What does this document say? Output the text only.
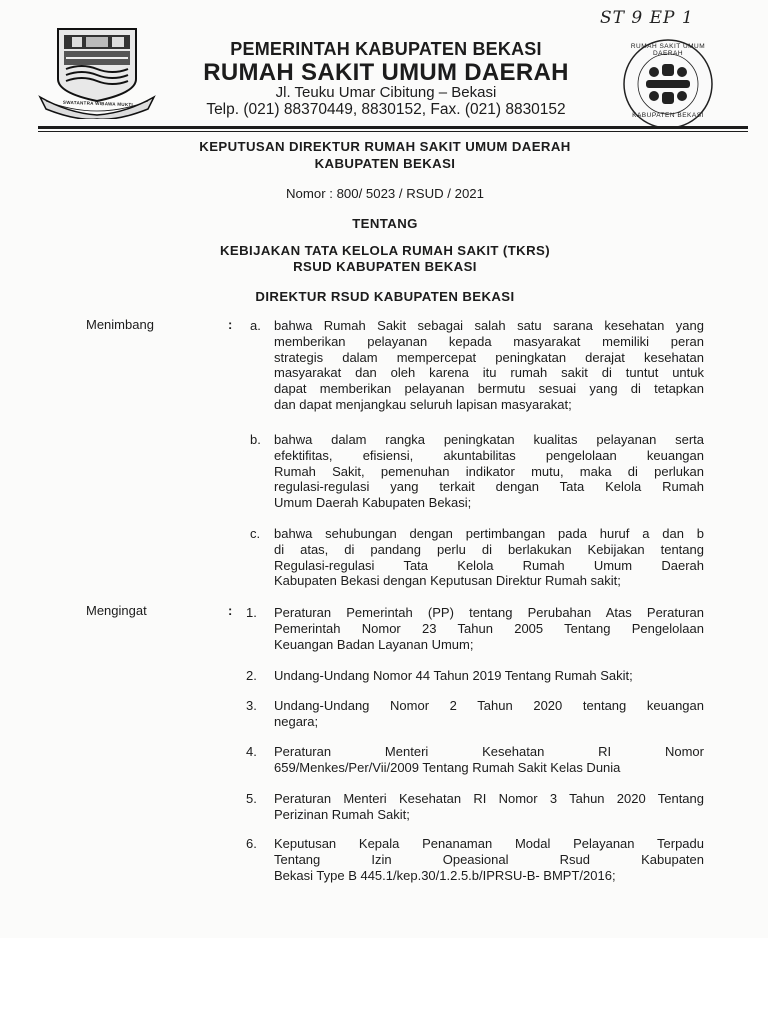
ST 9 EP 1
SWATANTRA WIBAWA MUKTI
RUMAH SAKIT UMUM DAERAH
KABUPATEN BEKASI
PEMERINTAH KABUPATEN BEKASI
RUMAH SAKIT UMUM DAERAH
Jl. Teuku Umar Cibitung – Bekasi
Telp. (021) 88370449, 8830152, Fax. (021) 8830152
KEPUTUSAN DIREKTUR RUMAH SAKIT UMUM DAERAH
KABUPATEN BEKASI
Nomor : 800/ 5023 / RSUD / 2021
TENTANG
KEBIJAKAN TATA KELOLA RUMAH SAKIT (TKRS)
RSUD KABUPATEN BEKASI
DIREKTUR RSUD KABUPATEN BEKASI
Menimbang	: a. bahwa Rumah Sakit sebagai salah satu sarana kesehatan yang
memberikan pelayanan kepada masyarakat memiliki peran
strategis dalam mempercepat peningkatan derajat kesehatan
masyarakat dan oleh karena itu rumah sakit di tuntut untuk
dapat memberikan pelayanan bermutu sesuai yang di tetapkan
dan dapat menjangkau seluruh lapisan masyarakat;
b. bahwa dalam rangka peningkatan kualitas pelayanan serta
efektifitas, efisiensi, akuntabilitas pengelolaan keuangan
Rumah Sakit, pemenuhan indikator mutu, maka di perlukan
regulasi-regulasi yang terkait dengan Tata Kelola Rumah
Umum Daerah Kabupaten Bekasi;
c. bahwa sehubungan dengan pertimbangan pada huruf a dan b
di atas, di pandang perlu di berlakukan Kebijakan tentang
Regulasi-regulasi Tata Kelola Rumah Umum Daerah
Kabupaten Bekasi dengan Keputusan Direktur Rumah sakit;
Mengingat	: 1. Peraturan Pemerintah (PP) tentang Perubahan Atas Peraturan
Pemerintah Nomor 23 Tahun 2005 Tentang Pengelolaan
Keuangan Badan Layanan Umum;
2. Undang-Undang Nomor 44 Tahun 2019 Tentang Rumah Sakit;
3. Undang-Undang Nomor 2 Tahun 2020 tentang keuangan
negara;
4. Peraturan Menteri Kesehatan RI Nomor
659/Menkes/Per/Vii/2009 Tentang Rumah Sakit Kelas Dunia
5. Peraturan Menteri Kesehatan RI Nomor 3 Tahun 2020 Tentang
Perizinan Rumah Sakit;
6. Keputusan Kepala Penanaman Modal Pelayanan Terpadu
Tentang Izin Opeasional Rsud Kabupaten
Bekasi Type B 445.1/kep.30/1.2.5.b/IPRSU-B- BMPT/2016;
